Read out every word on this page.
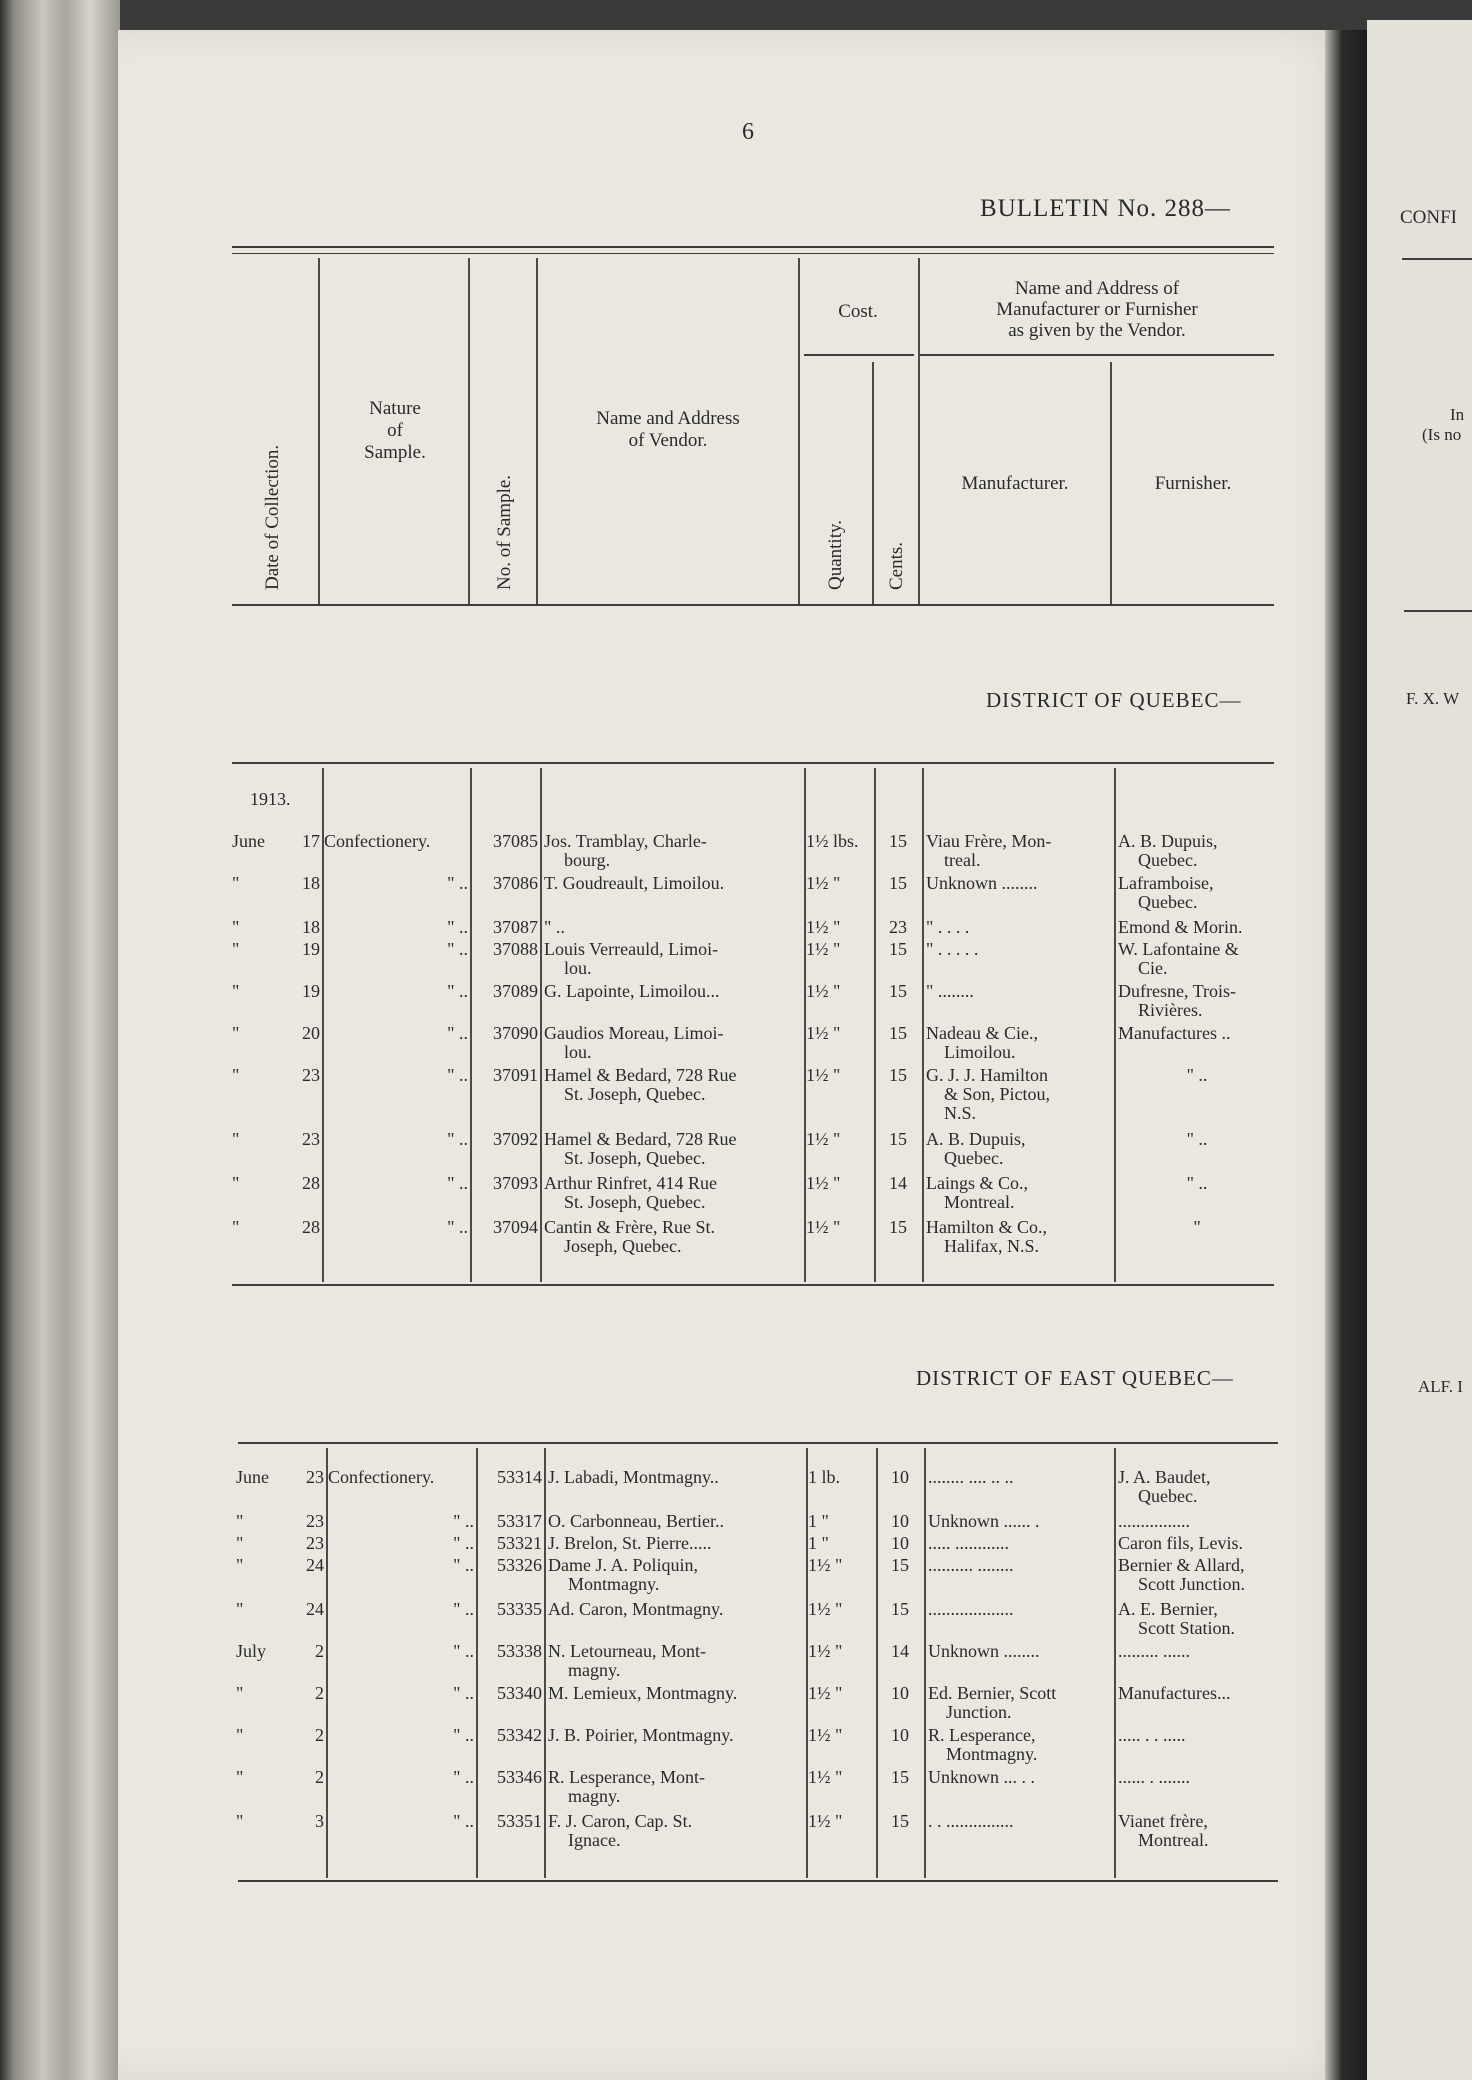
6
BULLETIN No. 288—
Date of Collection.
Nature
of
Sample.
No. of Sample.
Name and Address
of Vendor.
Cost.
Quantity. Cents.
Name and Address of
Manufacturer or Furnisher
as given by the Vendor.
Manufacturer.	Furnisher.
DISTRICT OF QUEBEC—
DISTRICT OF EAST QUEBEC—
1913.
June	17 Confectionery.	37085 Jos. Tramblay, Charle-
bourg.
1½ lbs.	15	Viau Frère, Mon-
treal.
A. B. Dupuis,
Quebec.
"	18	" ..	37086 T. Goudreault, Limoilou.	1½ "	15	Unknown ........	Laframboise,
Quebec.
"	18	" ..	37087 " ..	1½ "	23	" . . . .	Emond & Morin.
"	19	" ..	37088 Louis Verreauld, Limoi-
lou.
1½ "	15	" . . . . .	W. Lafontaine &
Cie.
"	19	" ..	37089 G. Lapointe, Limoilou...	1½ "	15	" ........	Dufresne, Trois-
Rivières.
"	20	" ..	37090 Gaudios Moreau, Limoi-
lou.
1½ "	15	Nadeau & Cie.,
Limoilou.
Manufactures ..
"	23	" ..	37091 Hamel & Bedard, 728 Rue
St. Joseph, Quebec.
1½ "	15	G. J. J. Hamilton
& Son, Pictou,
N.S.
" ..
"	23	" ..	37092 Hamel & Bedard, 728 Rue
St. Joseph, Quebec.
1½ "	15	A. B. Dupuis,
Quebec.
" ..
"	28	" ..	37093 Arthur Rinfret, 414 Rue
St. Joseph, Quebec.
1½ "	14	Laings & Co.,
Montreal.
" ..
"	28	" ..	37094 Cantin & Frère, Rue St.
Joseph, Quebec.
1½ "	15	Hamilton & Co.,
Halifax, N.S.
"
June	23 Confectionery.	53314 J. Labadi, Montmagny..	1 lb.	10	........ .... .. ..	J. A. Baudet,
Quebec.
"	23	" ..	53317 O. Carbonneau, Bertier..	1 "	10	Unknown ...... .	................
"	23	" ..	53321 J. Brelon, St. Pierre.....	1 "	10	..... ............	Caron fils, Levis.
"	24	" ..	53326 Dame J. A. Poliquin,
Montmagny.
1½ "	15	.......... ........	Bernier & Allard,
Scott Junction.
"	24	" ..	53335 Ad. Caron, Montmagny.	1½ "	15	...................	A. E. Bernier,
Scott Station.
July	2	" ..	53338 N. Letourneau, Mont-
magny.
1½ "	14	Unknown ........	......... ......
"	2	" ..	53340 M. Lemieux, Montmagny.	1½ "	10	Ed. Bernier, Scott
Junction.
Manufactures...
"	2	" ..	53342 J. B. Poirier, Montmagny.	1½ "	10	R. Lesperance,
Montmagny.
..... . . .....
"	2	" ..	53346 R. Lesperance, Mont-
magny.
1½ "	15	Unknown ... . .	...... . .......
"	3	" ..	53351 F. J. Caron, Cap. St.
Ignace.
1½ "	15	. . ...............	Vianet frère,
Montreal.
CONFI
In
(Is no
F. X. W
ALF. I
